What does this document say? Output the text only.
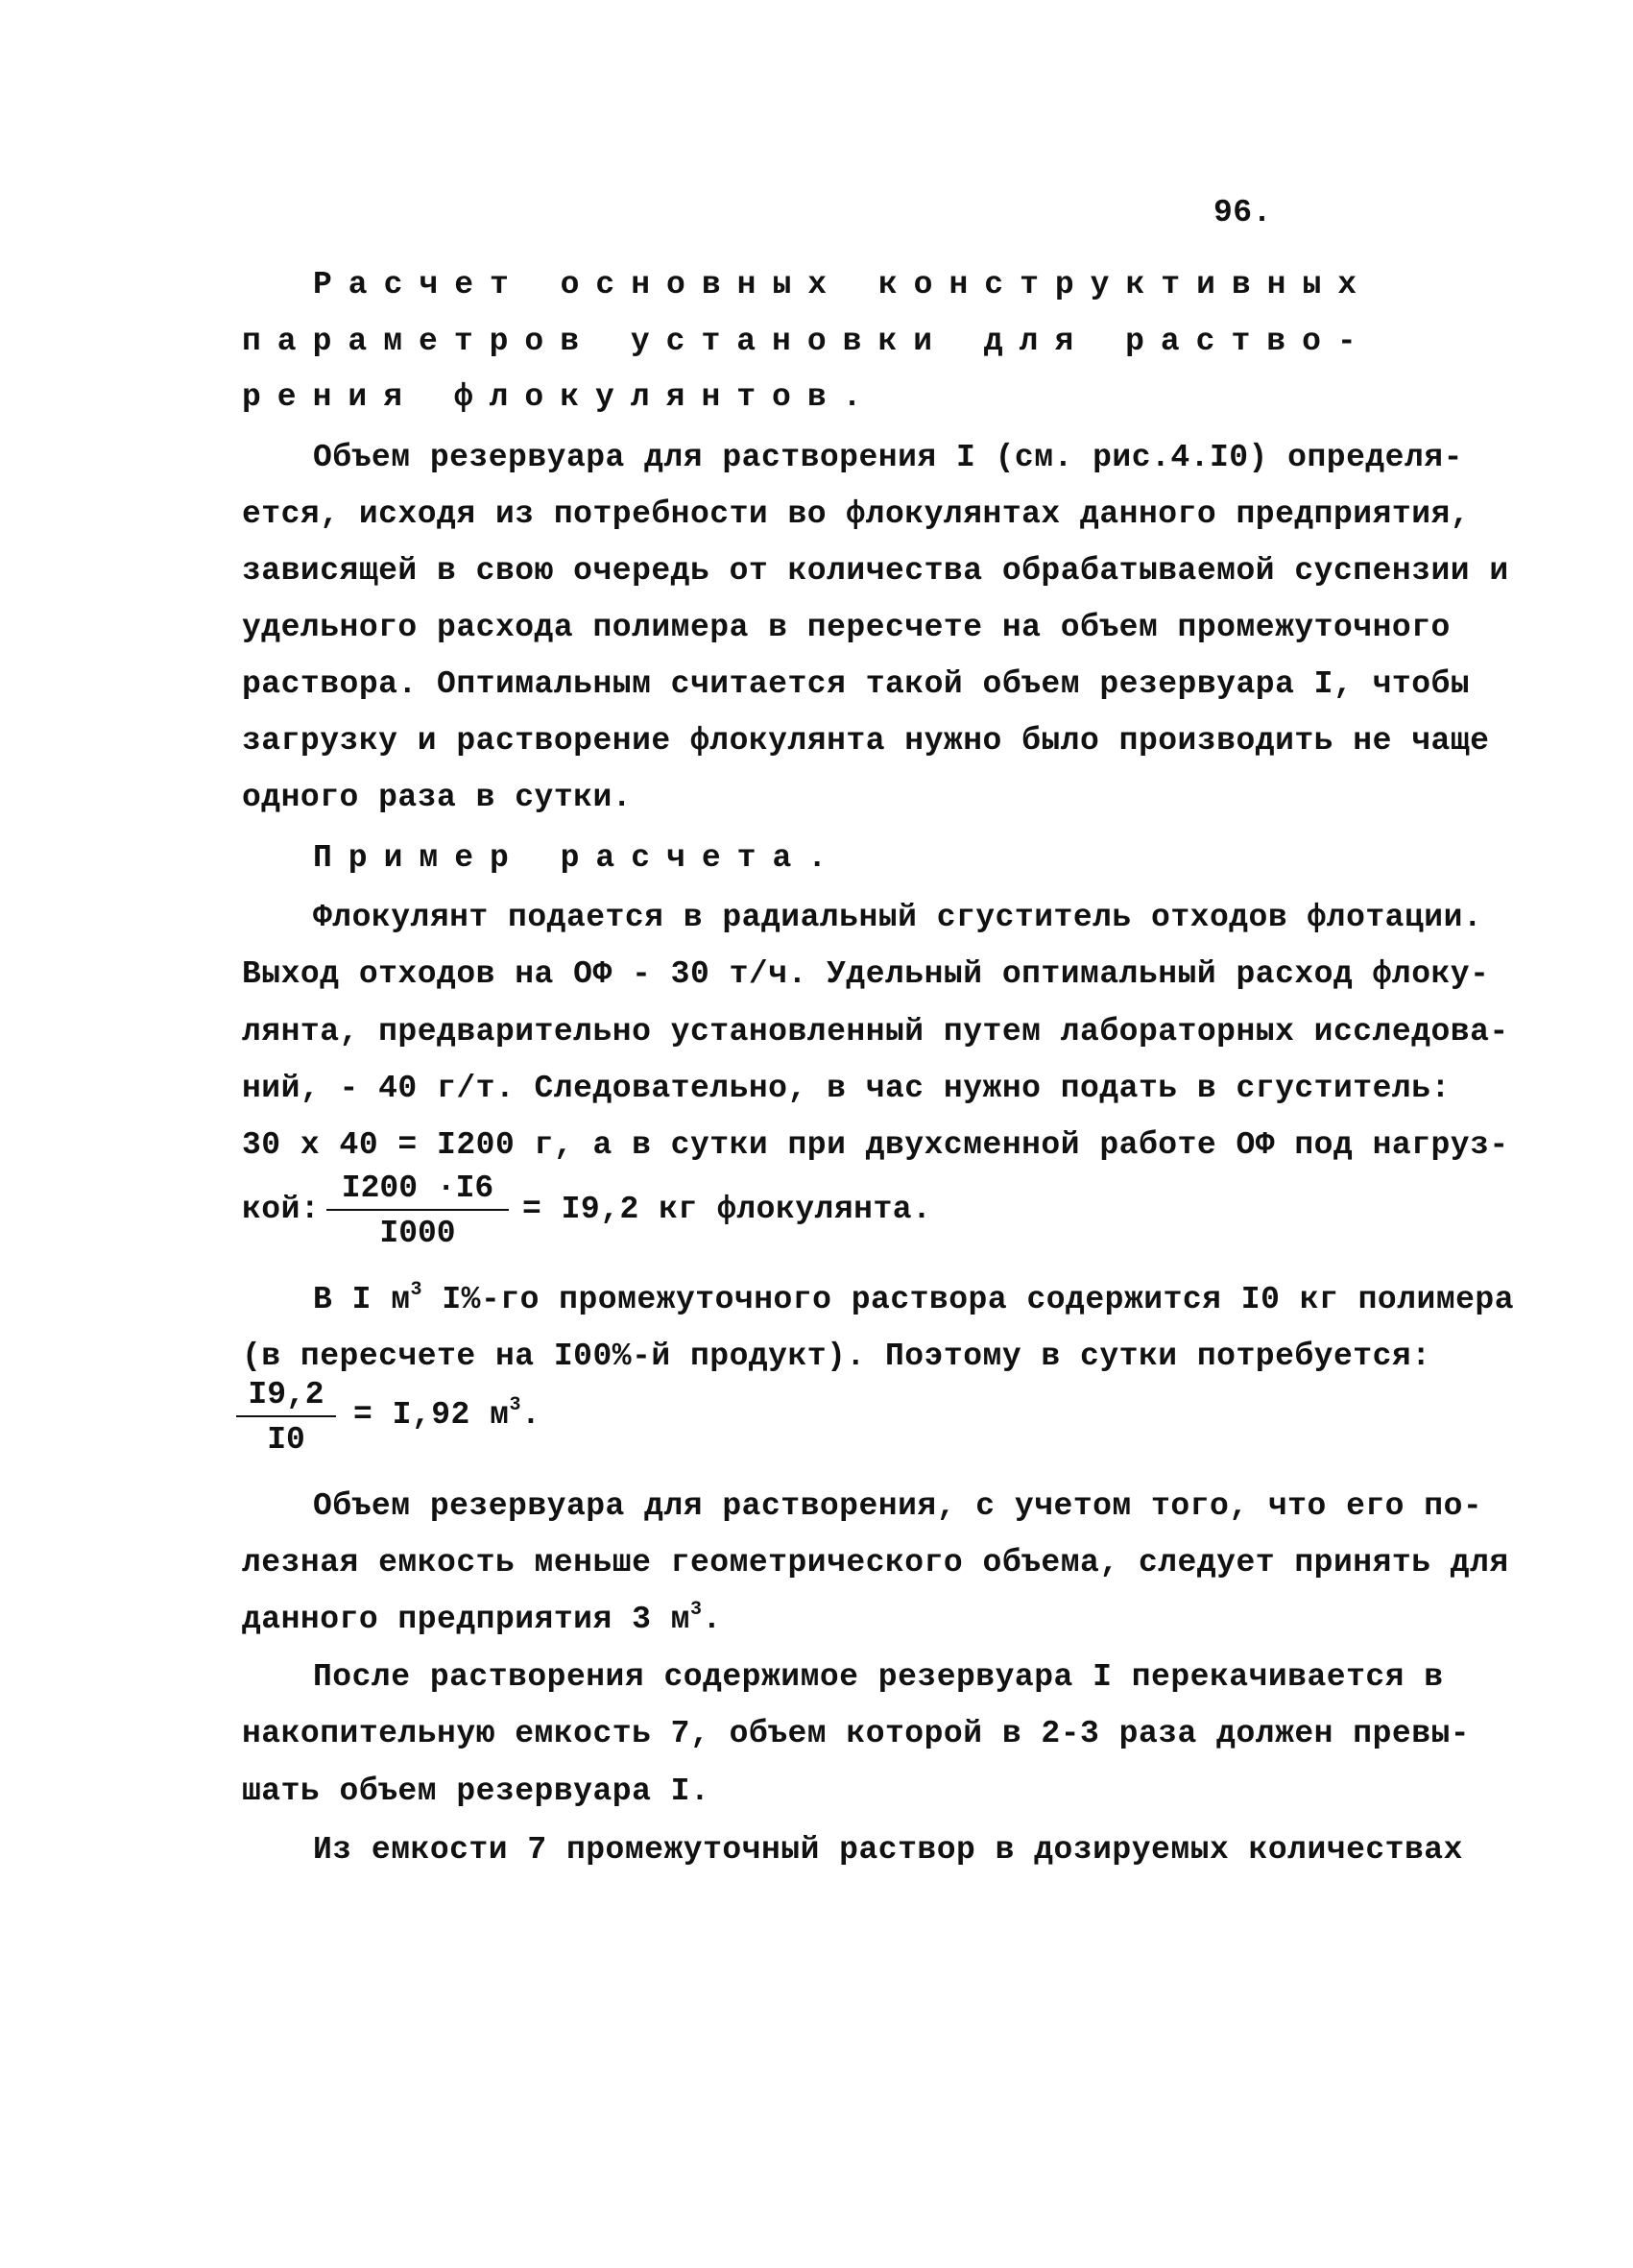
96.
Расчет основных конструктивных
параметров установки для раство-
рения флокулянтов.
Объем резервуара для растворения I (см. рис.4.I0) определя-
ется, исходя из потребности во флокулянтах данного предприятия,
зависящей в свою очередь от количества обрабатываемой суспензии и
удельного расхода полимера в пересчете на объем промежуточного
раствора. Оптимальным считается такой объем резервуара I, чтобы
загрузку и растворение флокулянта нужно было производить не чаще
одного раза в сутки.
Пример расчета.
Флокулянт подается в радиальный сгуститель отходов флотации.
Выход отходов на ОФ - 30 т/ч. Удельный оптимальный расход флоку-
лянта, предварительно установленный путем лабораторных исследова-
ний, - 40 г/т. Следовательно, в час нужно подать в сгуститель:
30 х 40 = I200 г, а в сутки при двухсменной работе ОФ под нагруз-
кой:
I200 ·I6
I000
= I9,2 кг флокулянта.
В I $м^3$ I%-го промежуточного раствора содержится I0 кг полимера
(в пересчете на I00%-й продукт). Поэтому в сутки потребуется:
I9,2
I0
= I,92 $м^3$.
Объем резервуара для растворения, с учетом того, что его по-
лезная емкость меньше геометрического объема, следует принять для
данного предприятия 3 $м^3$.
После растворения содержимое резервуара I перекачивается в
накопительную емкость 7, объем которой в 2-3 раза должен превы-
шать объем резервуара I.
Из емкости 7 промежуточный раствор в дозируемых количествах
